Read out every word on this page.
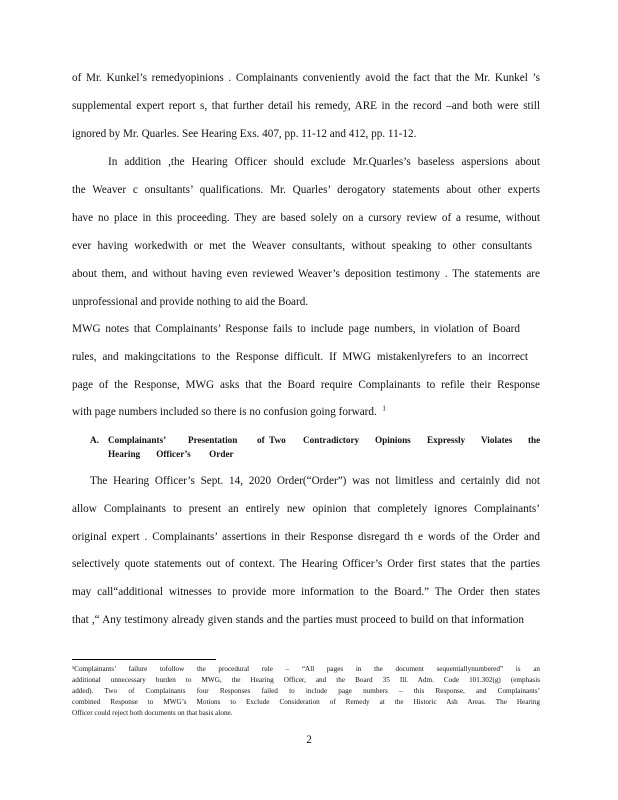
of Mr. Kunkel’s remedyopinions . Complainants conveniently avoid the fact that the Mr. Kunkel ’s
supplemental expert report s, that further detail his remedy, ARE in the record –and both were still
ignored by Mr. Quarles. See Hearing Exs. 407, pp. 11-12 and 412, pp. 11-12.
In addition ,the Hearing Officer should exclude Mr.Quarles’s baseless aspersions about
the Weaver c onsultants’ qualifications. Mr. Quarles’ derogatory statements about other experts
have no place in this proceeding. They are based solely on a cursory review of a resume, without
ever having workedwith or met the Weaver consultants, without speaking to other consultants
about them, and without having even reviewed Weaver’s deposition testimony . The statements are
unprofessional and provide nothing to aid the Board.
MWG notes that Complainants’ Response fails to include page numbers, in violation of Board
rules, and makingcitations to the Response difficult. If MWG mistakenlyrefers to an incorrect
page of the Response, MWG asks that the Board require Complainants to refile their Response
with page numbers included so there is no confusion going forward. $^1$
A. Complainants’ Presentation of Two Contradictory Opinions Expressly Violates the
Hearing       Officer’s        Order
The Hearing Officer’s Sept. 14, 2020 Order(“Order”) was not limitless and certainly did not
allow Complainants to present an entirely new opinion that completely ignores Complainants’
original expert . Complainants’ assertions in their Response disregard th e words of the Order and
selectively quote statements out of context. The Hearing Officer’s Order first states that the parties
may call“additional witnesses to provide more information to the Board.” The Order then states
that ,“ Any testimony already given stands and the parties must proceed to build on that information
¹Complainants’ failure tofollow the procedural rule – “All pages in the document sequentiallynumbered” is an
additional unnecessary burden to MWG, the Hearing Officer, and the Board 35 Ill. Adm. Code 101.302(g) (emphasis
added). Two of Complainants four Responses failed to include page numbers – this Response, and Complainants’
combined Response to MWG’s Motions to Exclude Consideration of Remedy at the Historic Ash Areas. The Hearing
Officer could reject both documents on that basis alone.
2
